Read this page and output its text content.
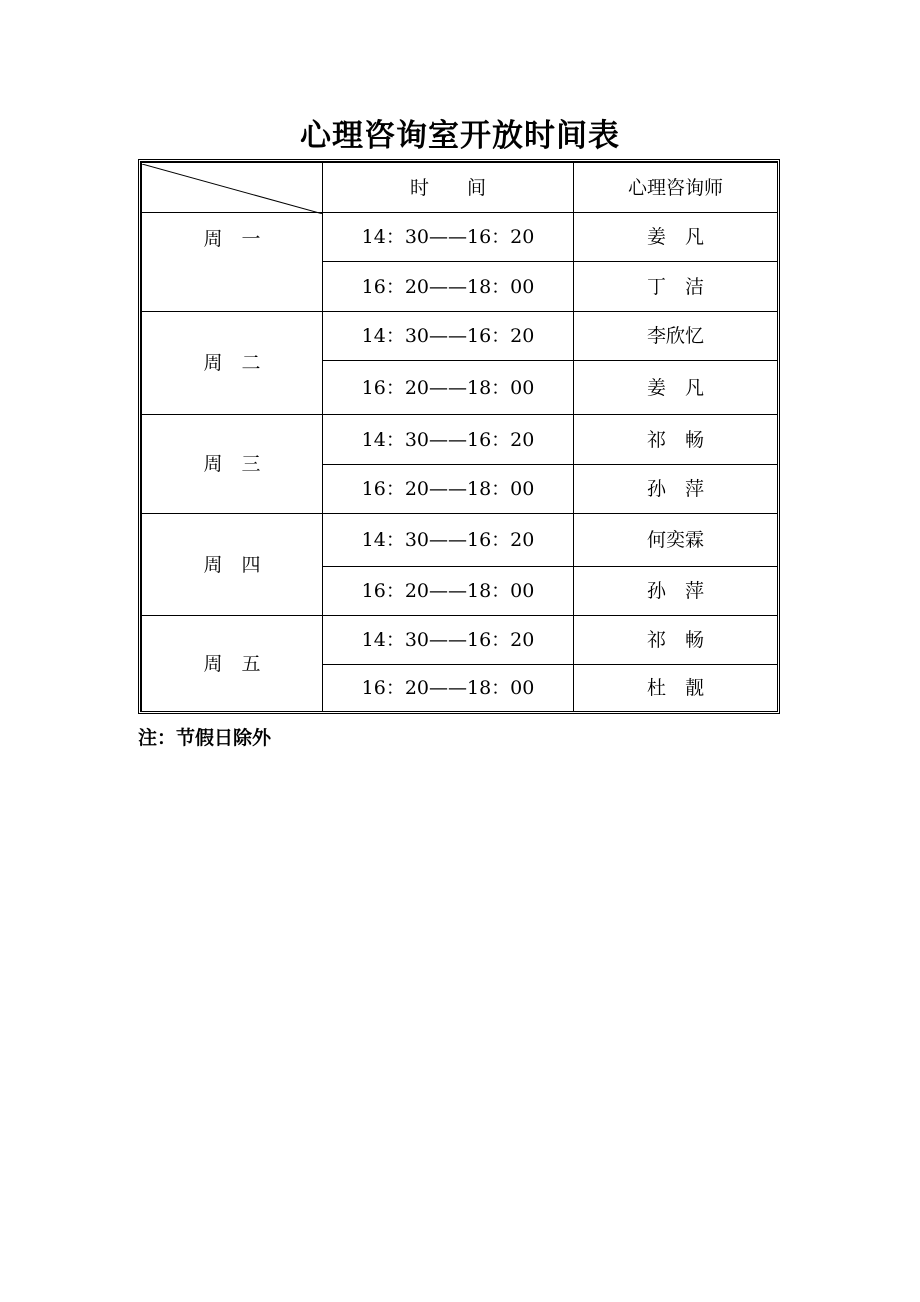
心理咨询室开放时间表
	时　　间	心理咨询师
周　一	14：30——16：20	姜　凡
	16：20——18：00	丁　洁
周　二	14：30——16：20	李欣忆
	16：20——18：00	姜　凡
周　三	14：30——16：20	祁　畅
	16：20——18：00	孙　萍
周　四	14：30——16：20	何奕霖
	16：20——18：00	孙　萍
周　五	14：30——16：20	祁　畅
	16：20——18：00	杜　靓
注：节假日除外
